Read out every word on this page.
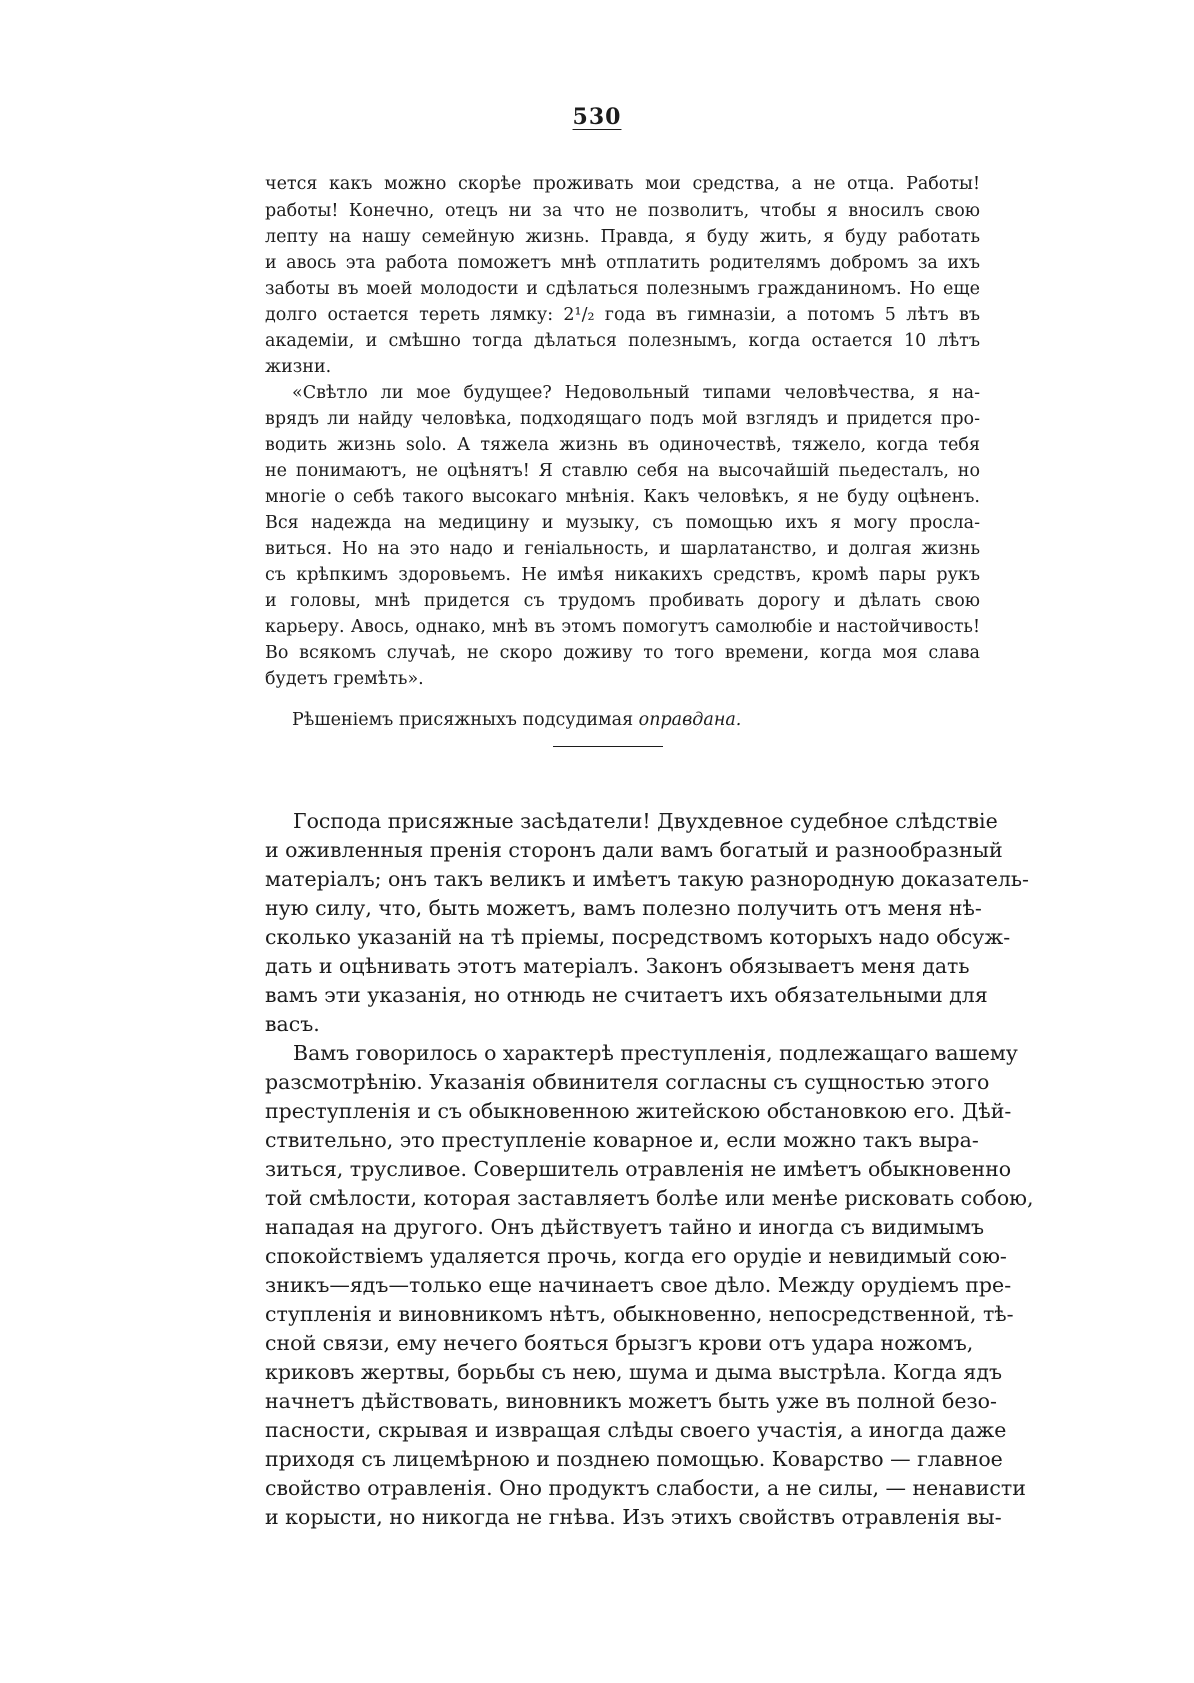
530
чется какъ можно скорѣе проживать мои средства, а не отца. Работы!
работы! Конечно, отецъ ни за что не позволитъ, чтобы я вносилъ свою
лепту на нашу семейную жизнь. Правда, я буду жить, я буду работать
и авось эта работа поможетъ мнѣ отплатить родителямъ добромъ за ихъ
заботы въ моей молодости и сдѣлаться полезнымъ гражданиномъ. Но еще
долго остается тереть лямку: 2¹/₂ года въ гимназіи, а потомъ 5 лѣтъ въ
академіи, и смѣшно тогда дѣлаться полезнымъ, когда остается 10 лѣтъ
жизни.
«Свѣтло ли мое будущее? Недовольный типами человѣчества, я на-
врядъ ли найду человѣка, подходящаго подъ мой взглядъ и придется про-
водить жизнь solo. А тяжела жизнь въ одиночествѣ, тяжело, когда тебя
не понимаютъ, не оцѣнятъ! Я ставлю себя на высочайшій пьедесталъ, но
многіе о себѣ такого высокаго мнѣнія. Какъ человѣкъ, я не буду оцѣненъ.
Вся надежда на медицину и музыку, съ помощью ихъ я могу просла-
виться. Но на это надо и геніальность, и шарлатанство, и долгая жизнь
съ крѣпкимъ здоровьемъ. Не имѣя никакихъ средствъ, кромѣ пары рукъ
и головы, мнѣ придется съ трудомъ пробивать дорогу и дѣлать свою
карьеру. Авось, однако, мнѣ въ этомъ помогутъ самолюбіе и настойчивость!
Во всякомъ случаѣ, не скоро доживу то того времени, когда моя слава
будетъ гремѣть».
Рѣшеніемъ присяжныхъ подсудимая оправдана.
Господа присяжные засѣдатели! Двухдевное судебное слѣдствіе
и оживленныя пренія сторонъ дали вамъ богатый и разнообразный
матеріалъ; онъ такъ великъ и имѣетъ такую разнородную доказатель-
ную силу, что, быть можетъ, вамъ полезно получить отъ меня нѣ-
сколько указаній на тѣ пріемы, посредствомъ которыхъ надо обсуж-
дать и оцѣнивать этотъ матеріалъ. Законъ обязываетъ меня дать
вамъ эти указанія, но отнюдь не считаетъ ихъ обязательными для
васъ.
Вамъ говорилось о характерѣ преступленія, подлежащаго вашему
разсмотрѣнію. Указанія обвинителя согласны съ сущностью этого
преступленія и съ обыкновенною житейскою обстановкою его. Дѣй-
ствительно, это преступленіе коварное и, если можно такъ выра-
зиться, трусливое. Совершитель отравленія не имѣетъ обыкновенно
той смѣлости, которая заставляетъ болѣе или менѣе рисковать собою,
нападая на другого. Онъ дѣйствуетъ тайно и иногда съ видимымъ
спокойствіемъ удаляется прочь, когда его орудіе и невидимый сою-
зникъ—ядъ—только еще начинаетъ свое дѣло. Между орудіемъ пре-
ступленія и виновникомъ нѣтъ, обыкновенно, непосредственной, тѣ-
сной связи, ему нечего бояться брызгъ крови отъ удара ножомъ,
криковъ жертвы, борьбы съ нею, шума и дыма выстрѣла. Когда ядъ
начнетъ дѣйствовать, виновникъ можетъ быть уже въ полной безо-
пасности, скрывая и извращая слѣды своего участія, а иногда даже
приходя съ лицемѣрною и позднею помощью. Коварство — главное
свойство отравленія. Оно продуктъ слабости, а не силы, — ненависти
и корысти, но никогда не гнѣва. Изъ этихъ свойствъ отравленія вы-
